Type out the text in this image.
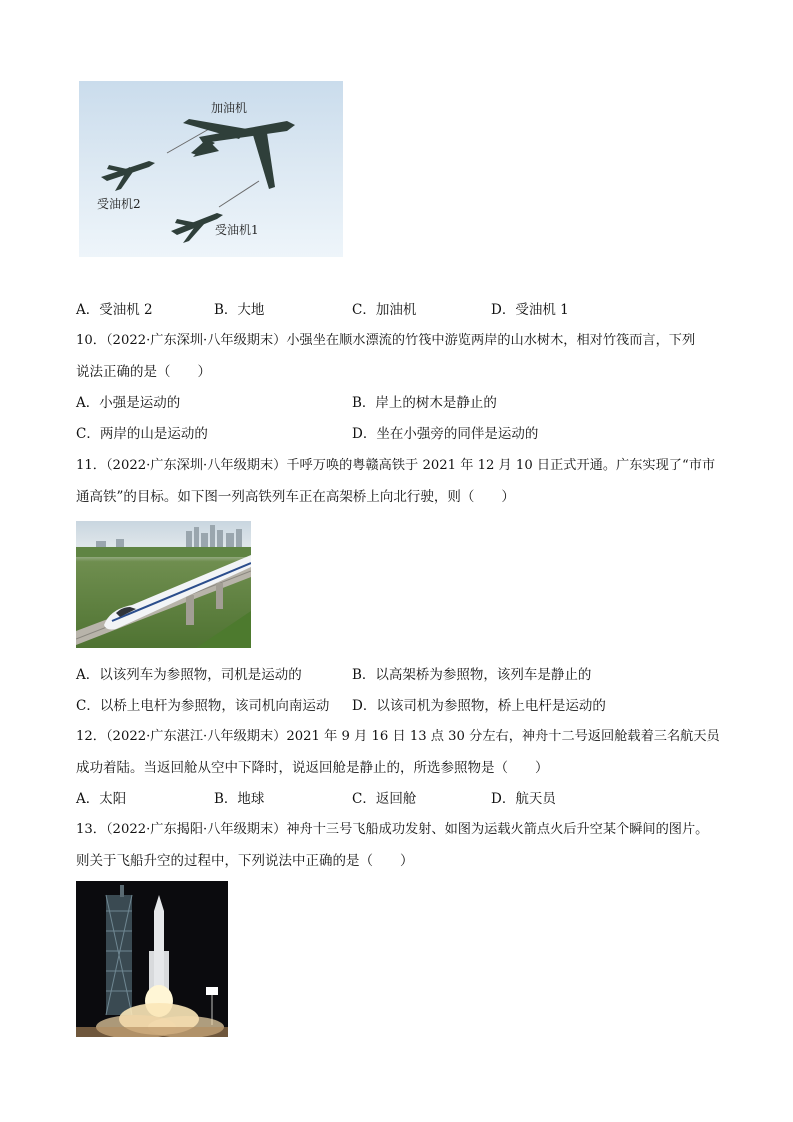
加油机
受油机2
受油机1
A．受油机 2	B．大地	C．加油机	D．受油机 1
10．（2022·广东深圳·八年级期末）小强坐在顺水漂流的竹筏中游览两岸的山水树木，相对竹筏而言，下列
说法正确的是（　　）
A．小强是运动的	B．岸上的树木是静止的
C．两岸的山是运动的	D．坐在小强旁的同伴是运动的
11．（2022·广东深圳·八年级期末）千呼万唤的粤赣高铁于 2021 年 12 月 10 日正式开通。广东实现了“市市
通高铁”的目标。如下图一列高铁列车正在高架桥上向北行驶，则（　　）
A．以该列车为参照物，司机是运动的	B．以高架桥为参照物，该列车是静止的
C．以桥上电杆为参照物，该司机向南运动 D．以该司机为参照物，桥上电杆是运动的
12．（2022·广东湛江·八年级期末）2021 年 9 月 16 日 13 点 30 分左右，神舟十二号返回舱载着三名航天员
成功着陆。当返回舱从空中下降时，说返回舱是静止的，所选参照物是（　　）
A．太阳	B．地球	C．返回舱	D．航天员
13．（2022·广东揭阳·八年级期末）神舟十三号飞船成功发射、如图为运载火箭点火后升空某个瞬间的图片。
则关于飞船升空的过程中，下列说法中正确的是（　　）
